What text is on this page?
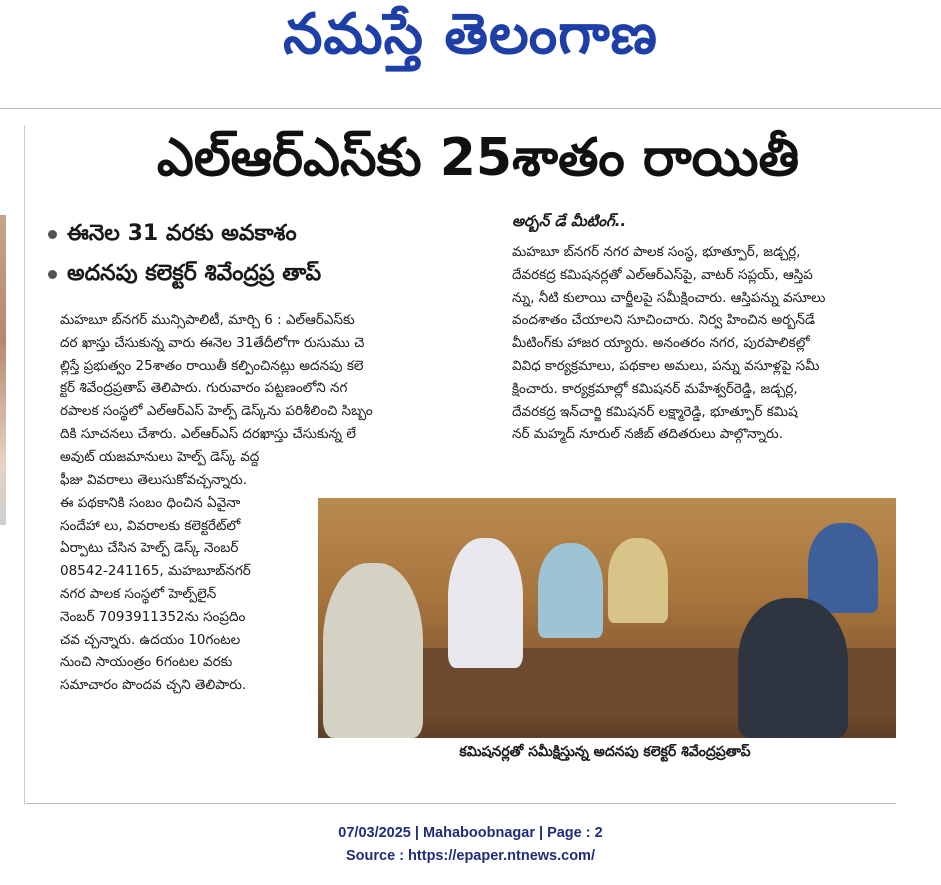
నమస్తే తెలంగాణ
ఎల్‌ఆర్‌ఎస్‌కు 25శాతం రాయితీ
ఈనెల 31 వరకు అవకాశం
అదనపు కలెక్టర్ శివేంద్రప్ర తాప్
అర్బన్ డే మీటింగ్..
మహబూ బ్‌నగర్ మున్సిపాలిటీ, మార్చి 6 : ఎల్‌ఆర్‌ఎస్‌కు
దర ఖాస్తు చేసుకున్న వారు ఈనెల 31తేదీలోగా రుసుము చె
ల్లిస్తే ప్రభుత్వం 25శాతం రాయితీ కల్పించినట్లు అదనపు కలె
క్టర్ శివేంద్రప్రతాప్ తెలిపారు. గురువారం పట్టణంలోని నగ
రపాలక సంస్థలో ఎల్‌ఆర్‌ఎస్ హెల్ప్ డెస్క్‌ను పరిశీలించి సిబ్బం
దికి సూచనలు చేశారు. ఎల్‌ఆర్‌ఎస్ దరఖాస్తు చేసుకున్న లే
అవుట్ యజమానులు హెల్ప్ డెస్క్ వద్ద
ఫీజు వివరాలు తెలుసుకోవచ్చన్నారు.
ఈ పథకానికి సంబం ధించిన ఏవైనా
సందేహా లు, వివరాలకు కలెక్టరేట్‌లో
ఏర్పాటు చేసిన హెల్ప్ డెస్క్ నెంబర్
08542-241165, మహబూబ్‌నగర్
నగర పాలక సంస్థలో హెల్ప్‌లైన్
నెంబర్ 7093911352ను సంప్రదిం
చవ చ్చన్నారు. ఉదయం 10గంటల
నుంచి సాయంత్రం 6గంటల వరకు
సమాచారం పొందవ చ్చని తెలిపారు.
మహబూ బ్‌నగర్ నగర పాలక సంస్థ, భూత్పూర్, జడ్చర్ల,
దేవరకద్ర కమిషనర్లతో ఎల్‌ఆర్‌ఎస్‌పై, వాటర్ సప్లయ్, ఆస్తిప
న్ను, నీటి కులాయి చార్జీలపై సమీక్షించారు. ఆస్తిపన్ను వసూలు
వందశాతం చేయాలని సూచించారు. నిర్వ హించిన అర్బన్‌డే
మీటింగ్‌కు హాజర య్యారు. అనంతరం నగర, పురపాలికల్లో
వివిధ కార్యక్రమాలు, పథకాల అమలు, పన్ను వసూళ్లపై సమీ
క్షించారు. కార్యక్రమాల్లో కమిషనర్ మహేశ్వర్‌రెడ్డి, జడ్చర్ల,
దేవరకద్ర ఇన్‌చార్జి కమిషనర్ లక్ష్మారెడ్డి, భూత్పూర్ కమిష
నర్ మహ్మద్ నూరుల్ నజీబ్ తదితరులు పాల్గొన్నారు.
కమిషనర్లతో సమీక్షిస్తున్న అదనపు కలెక్టర్ శివేంద్రప్రతాప్
07/03/2025 | Mahaboobnagar | Page : 2
Source : https://epaper.ntnews.com/
